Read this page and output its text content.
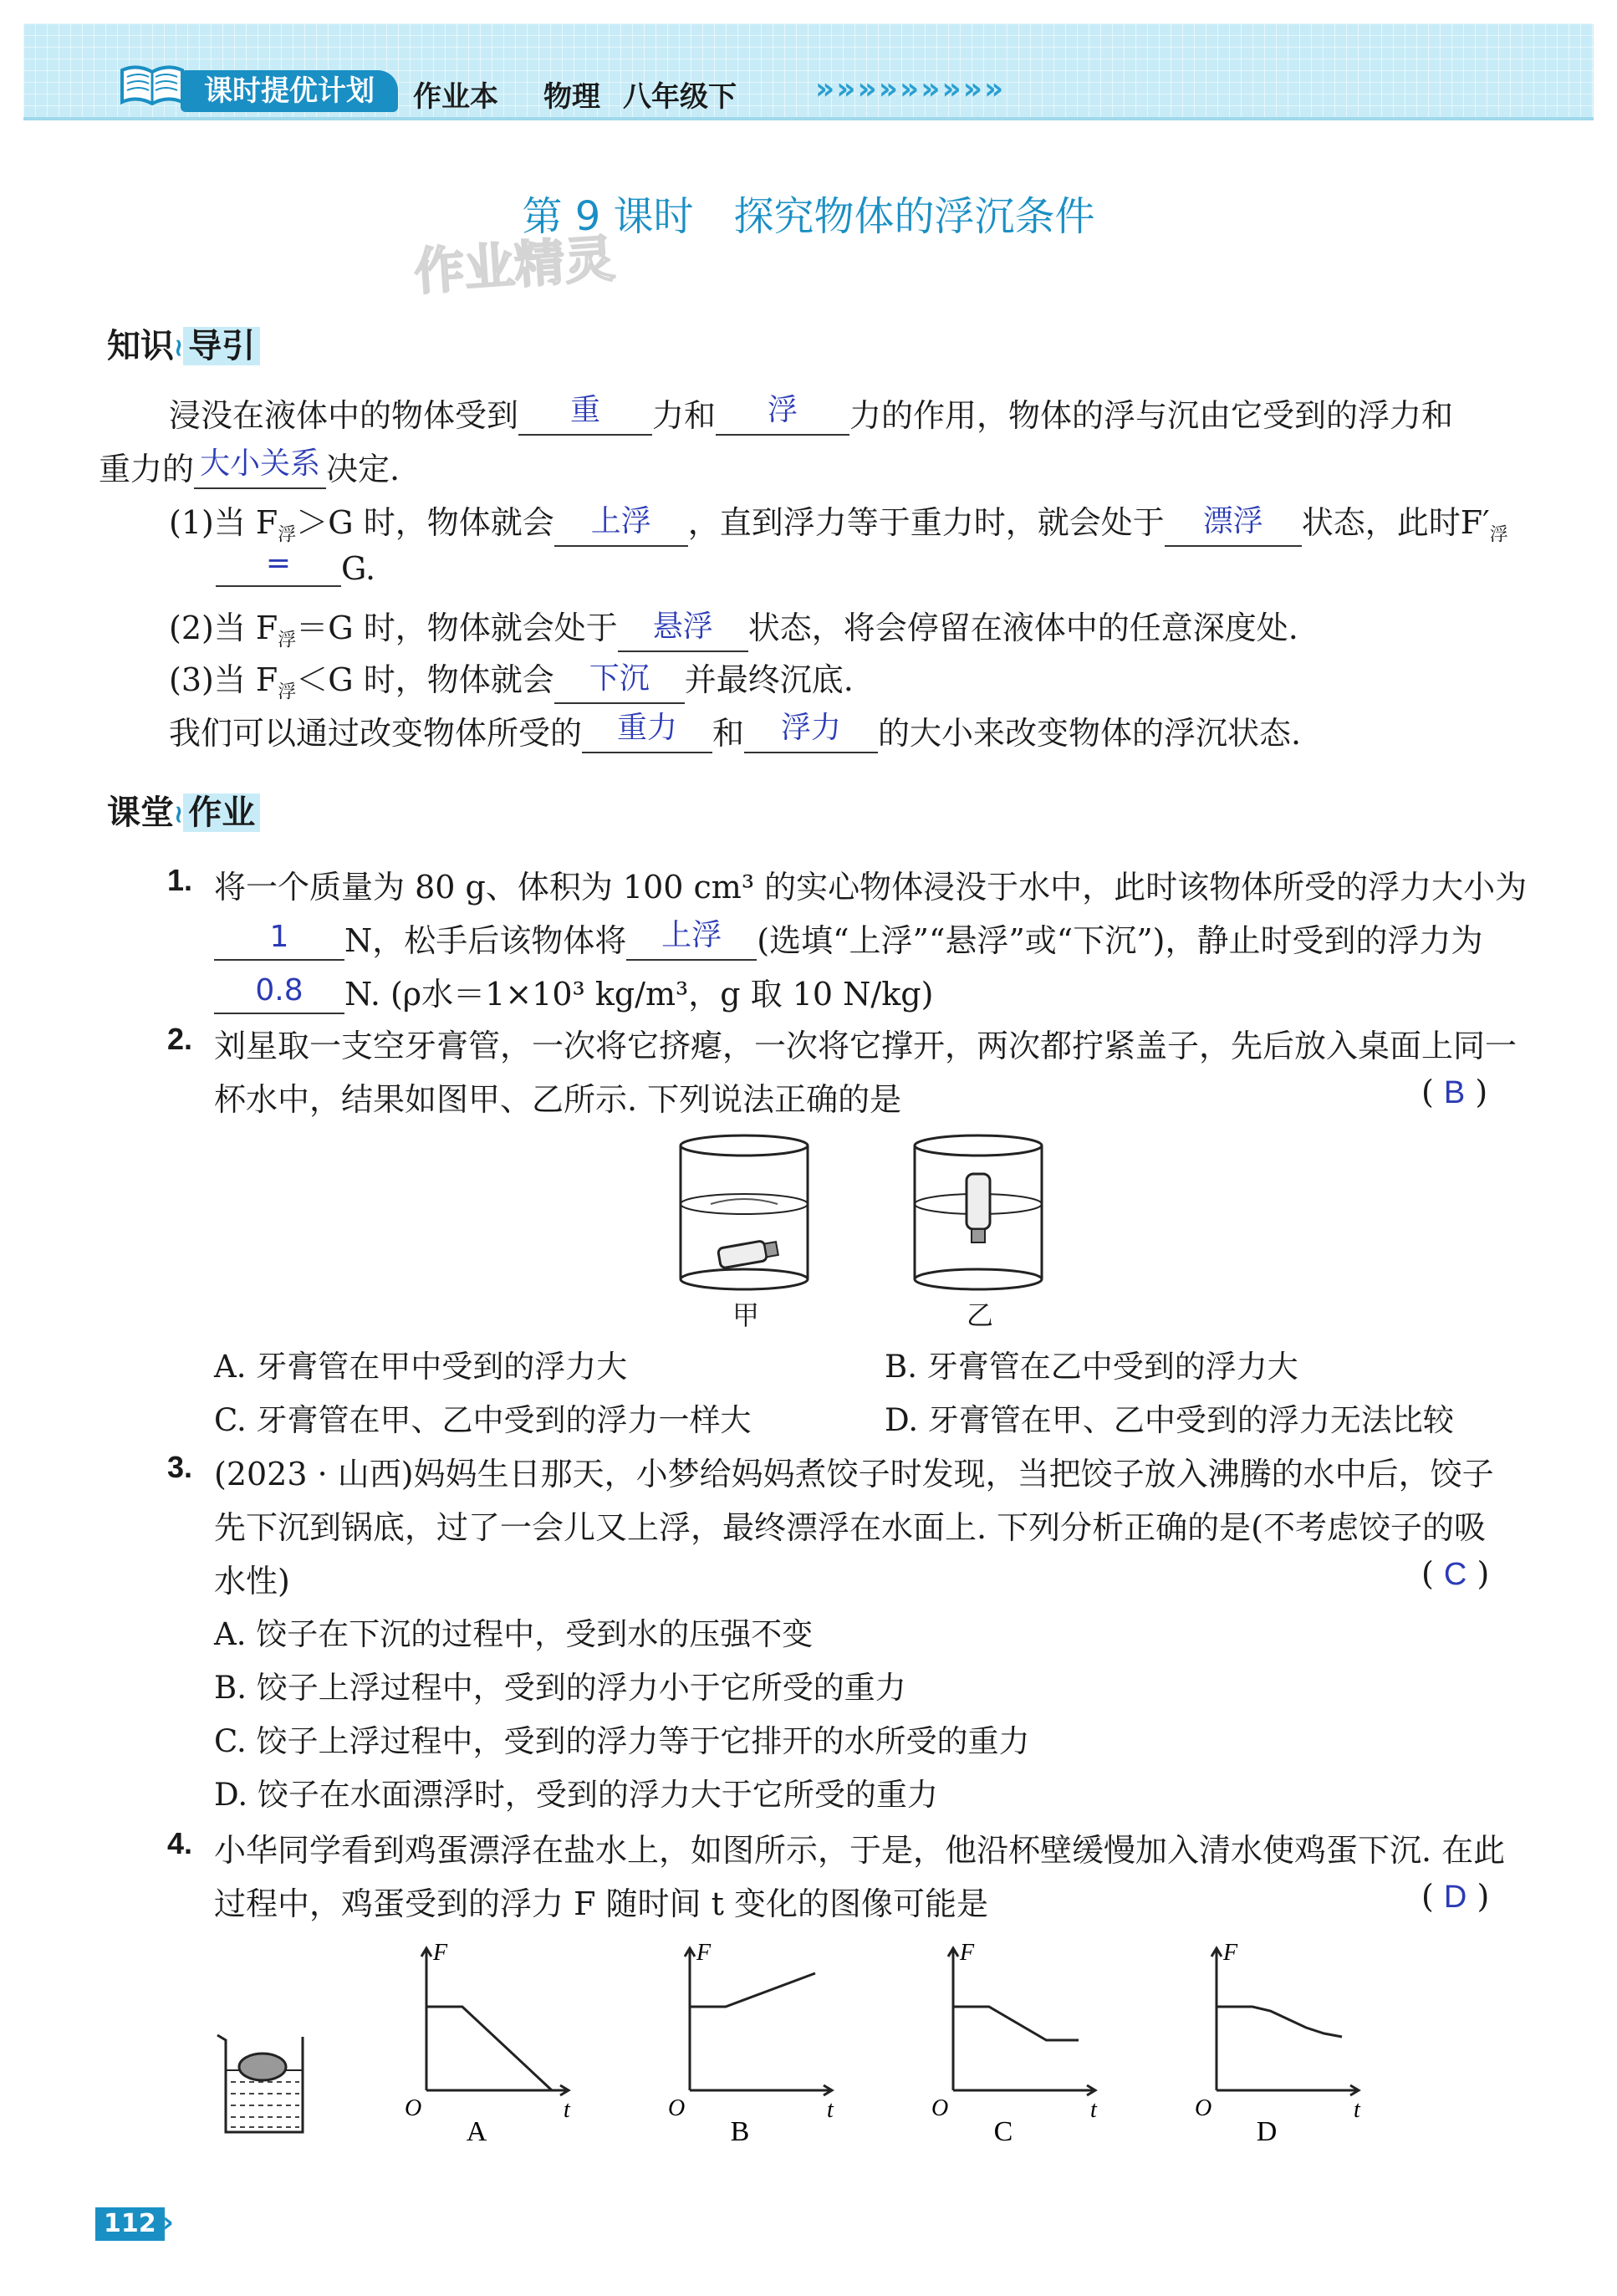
课时提优计划	作业本 物理 八年级下	»»»»»»»»»
第 9 课时　探究物体的浮沉条件
作业精灵
知识≀ 导引
浸没在液体中的物体受到	重	力和	浮	力的作用，物体的浮与沉由它受到的浮力和
重力的 大小关系 决定.
(1)当 $F_浮>G$ 时，物体就会	上浮	，直到浮力等于重力时，就会处于	漂浮	状态，此时$F'_浮$
=	G.
(2)当 $F_浮=G$ 时，物体就会处于	悬浮	状态，将会停留在液体中的任意深度处.
(3)当 $F_浮<G$ 时，物体就会	下沉	并最终沉底.
我们可以通过改变物体所受的	重力	和	浮力	的大小来改变物体的浮沉状态.
课堂≀ 作业
1. 将一个质量为 80 g、体积为 100 cm³ 的实心物体浸没于水中，此时该物体所受的浮力大小为
1	N，松手后该物体将	上浮	(选填“上浮”“悬浮”或“下沉”)，静止时受到的浮力为
0.8	N. (ρ水＝1×10³ kg/m³，g 取 10 N/kg)
2. 刘星取一支空牙膏管，一次将它挤瘪，一次将它撑开，两次都拧紧盖子，先后放入桌面上同一
杯水中，结果如图甲、乙所示. 下列说法正确的是	( B )
甲	乙
A. 牙膏管在甲中受到的浮力大	B. 牙膏管在乙中受到的浮力大
C. 牙膏管在甲、乙中受到的浮力一样大	D. 牙膏管在甲、乙中受到的浮力无法比较
3. (2023 · 山西)妈妈生日那天，小梦给妈妈煮饺子时发现，当把饺子放入沸腾的水中后，饺子
先下沉到锅底，过了一会儿又上浮，最终漂浮在水面上. 下列分析正确的是(不考虑饺子的吸
水性)	( C )
A. 饺子在下沉的过程中，受到水的压强不变
B. 饺子上浮过程中，受到的浮力小于它所受的重力
C. 饺子上浮过程中，受到的浮力等于它排开的水所受的重力
D. 饺子在水面漂浮时，受到的浮力大于它所受的重力
4. 小华同学看到鸡蛋漂浮在盐水上，如图所示，于是，他沿杯壁缓慢加入清水使鸡蛋下沉. 在此
过程中，鸡蛋受到的浮力 F 随时间 t 变化的图像可能是	( D )
F
t
O
A
F
t
O
B
F
t
O
C
F
t
O
D
112 »
